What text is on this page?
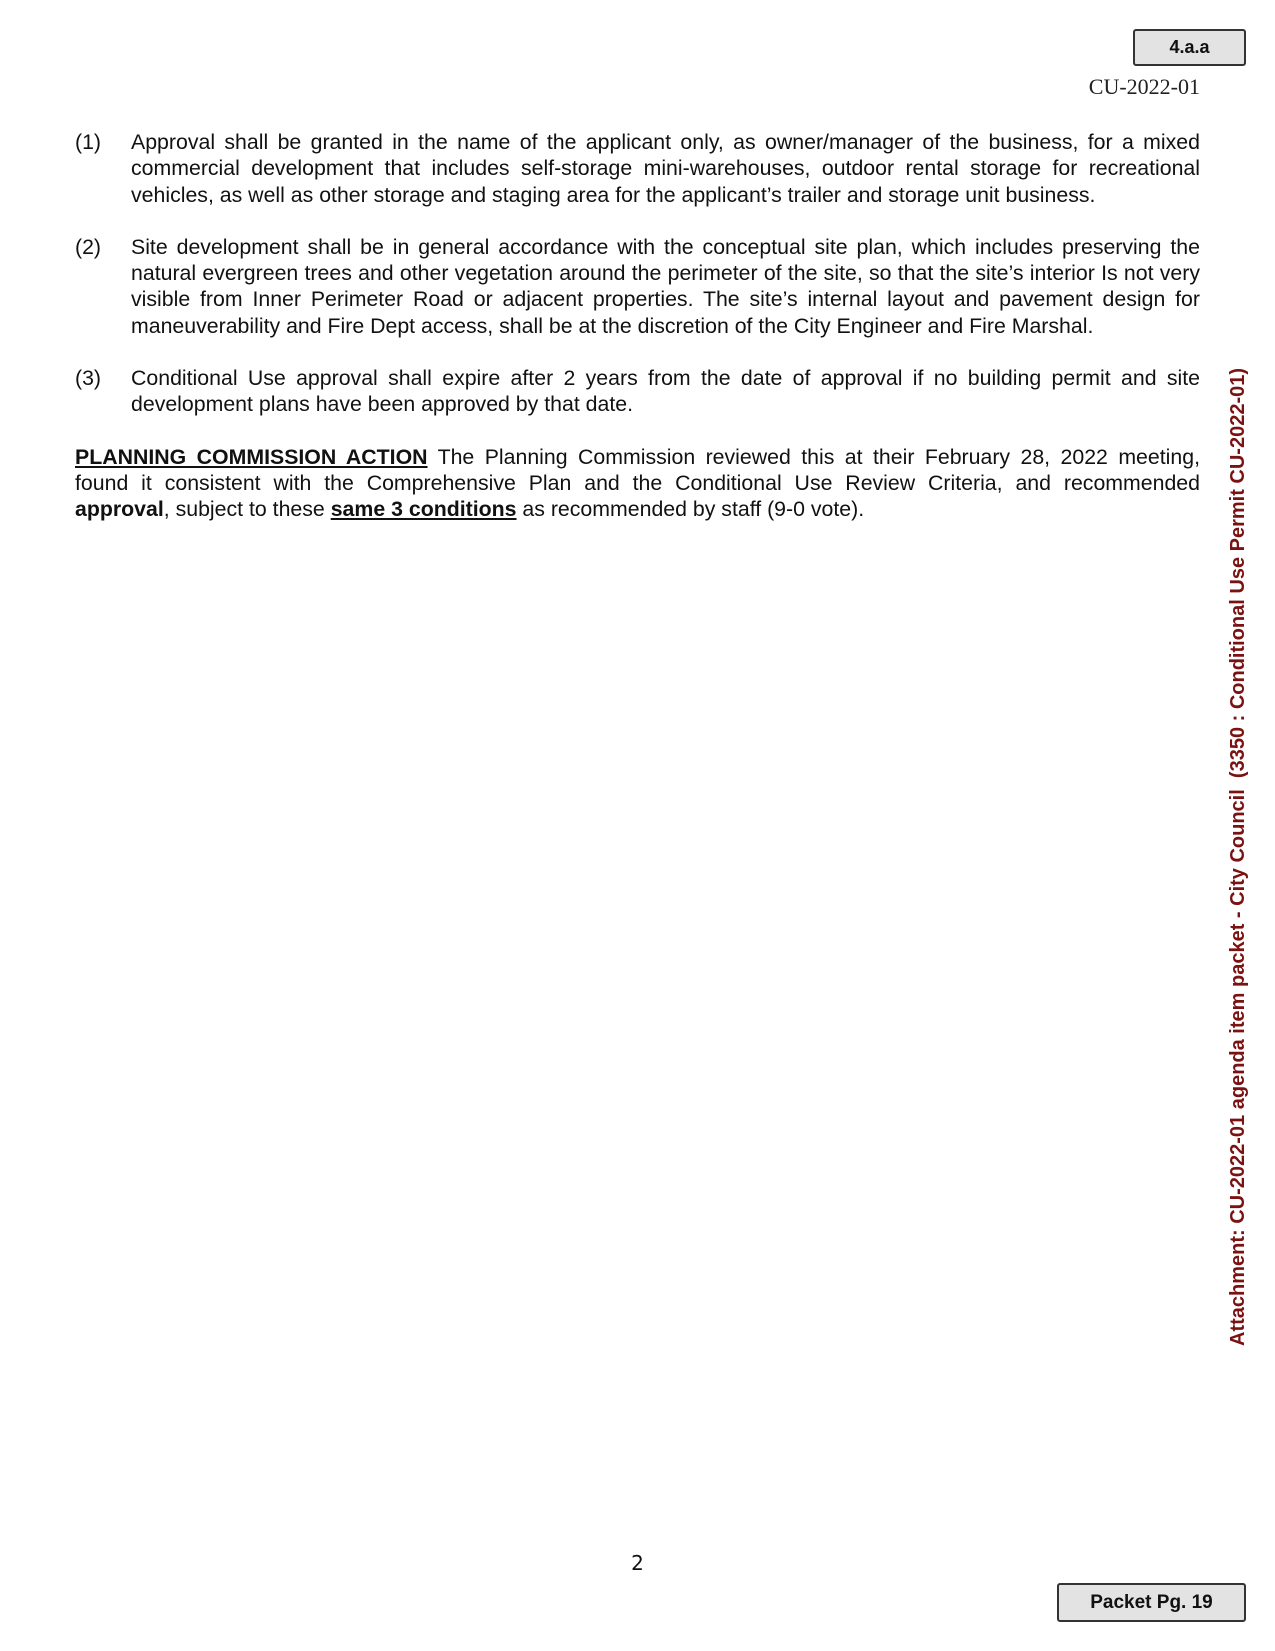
4.a.a
CU-2022-01
(1)	Approval shall be granted in the name of the applicant only, as owner/manager of the business, for a mixed commercial development that includes self-storage mini-warehouses, outdoor rental storage for recreational vehicles, as well as other storage and staging area for the applicant’s trailer and storage unit business.
(2)	Site development shall be in general accordance with the conceptual site plan, which includes preserving the natural evergreen trees and other vegetation around the perimeter of the site, so that the site’s interior Is not very visible from Inner Perimeter Road or adjacent properties. The site’s internal layout and pavement design for maneuverability and Fire Dept access, shall be at the discretion of the City Engineer and Fire Marshal.
(3)	Conditional Use approval shall expire after 2 years from the date of approval if no building permit and site development plans have been approved by that date.
PLANNING COMMISSION ACTION The Planning Commission reviewed this at their February 28, 2022 meeting, found it consistent with the Comprehensive Plan and the Conditional Use Review Criteria, and recommended approval, subject to these same 3 conditions as recommended by staff (9-0 vote).	Attachment: CU-2022-01 agenda item packet - City Council  (3350 : Conditional Use Permit CU-2022-01)
2
Packet Pg. 19
